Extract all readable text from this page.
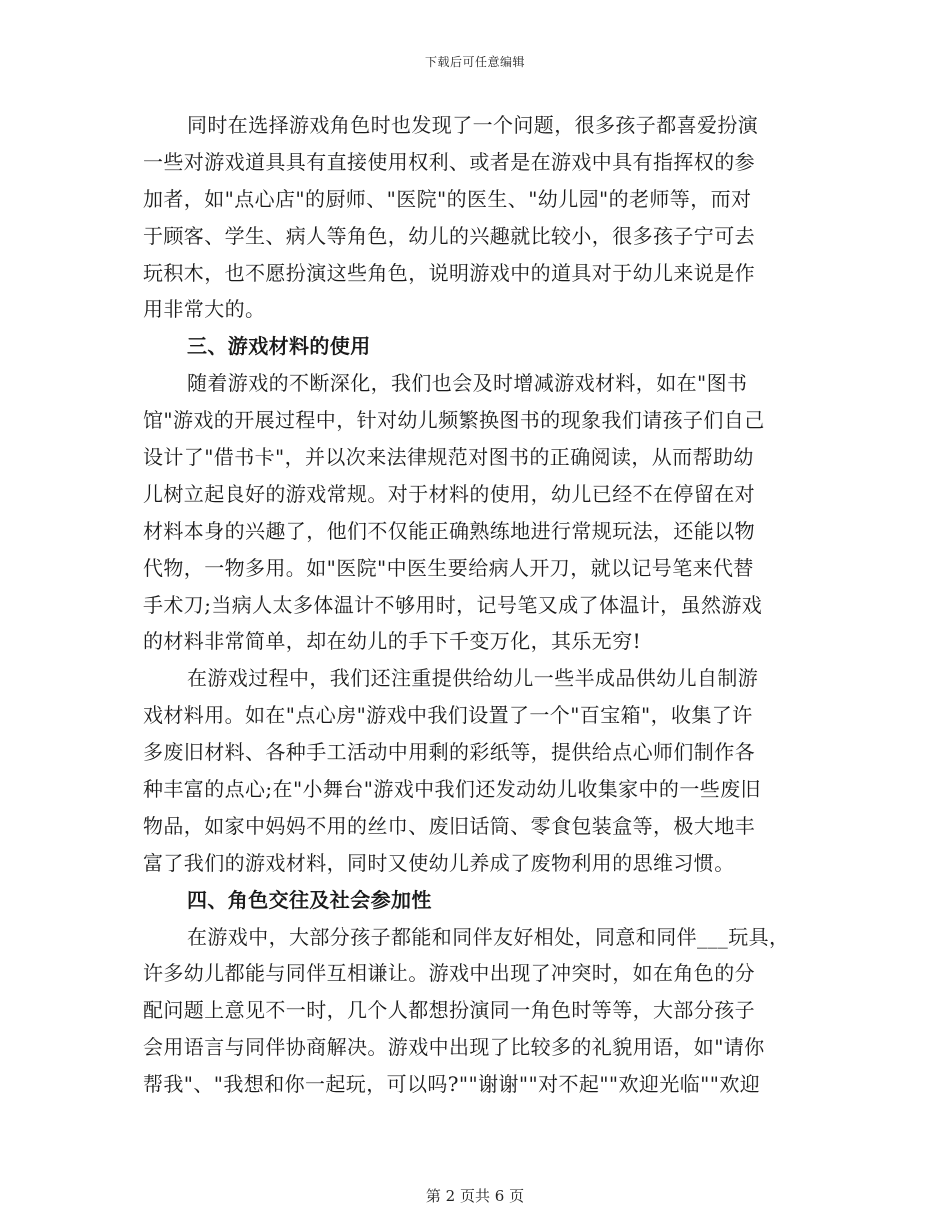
下载后可任意编辑
同时在选择游戏角色时也发现了一个问题，很多孩子都喜爱扮演
一些对游戏道具具有直接使用权利、或者是在游戏中具有指挥权的参
加者，如"点心店"的厨师、"医院"的医生、"幼儿园"的老师等，而对
于顾客、学生、病人等角色，幼儿的兴趣就比较小，很多孩子宁可去
玩积木，也不愿扮演这些角色，说明游戏中的道具对于幼儿来说是作
用非常大的。
三、游戏材料的使用
随着游戏的不断深化，我们也会及时增减游戏材料，如在"图书
馆"游戏的开展过程中，针对幼儿频繁换图书的现象我们请孩子们自己
设计了"借书卡"，并以次来法律规范对图书的正确阅读，从而帮助幼
儿树立起良好的游戏常规。对于材料的使用，幼儿已经不在停留在对
材料本身的兴趣了，他们不仅能正确熟练地进行常规玩法，还能以物
代物，一物多用。如"医院"中医生要给病人开刀，就以记号笔来代替
手术刀;当病人太多体温计不够用时，记号笔又成了体温计，虽然游戏
的材料非常简单，却在幼儿的手下千变万化，其乐无穷!
在游戏过程中，我们还注重提供给幼儿一些半成品供幼儿自制游
戏材料用。如在"点心房"游戏中我们设置了一个"百宝箱"，收集了许
多废旧材料、各种手工活动中用剩的彩纸等，提供给点心师们制作各
种丰富的点心;在"小舞台"游戏中我们还发动幼儿收集家中的一些废旧
物品，如家中妈妈不用的丝巾、废旧话筒、零食包装盒等，极大地丰
富了我们的游戏材料，同时又使幼儿养成了废物利用的思维习惯。
四、角色交往及社会参加性
在游戏中，大部分孩子都能和同伴友好相处，同意和同伴___玩具，
许多幼儿都能与同伴互相谦让。游戏中出现了冲突时，如在角色的分
配问题上意见不一时，几个人都想扮演同一角色时等等，大部分孩子
会用语言与同伴协商解决。游戏中出现了比较多的礼貌用语，如"请你
帮我"、"我想和你一起玩，可以吗?""谢谢""对不起""欢迎光临""欢迎
第 2 页共 6 页
